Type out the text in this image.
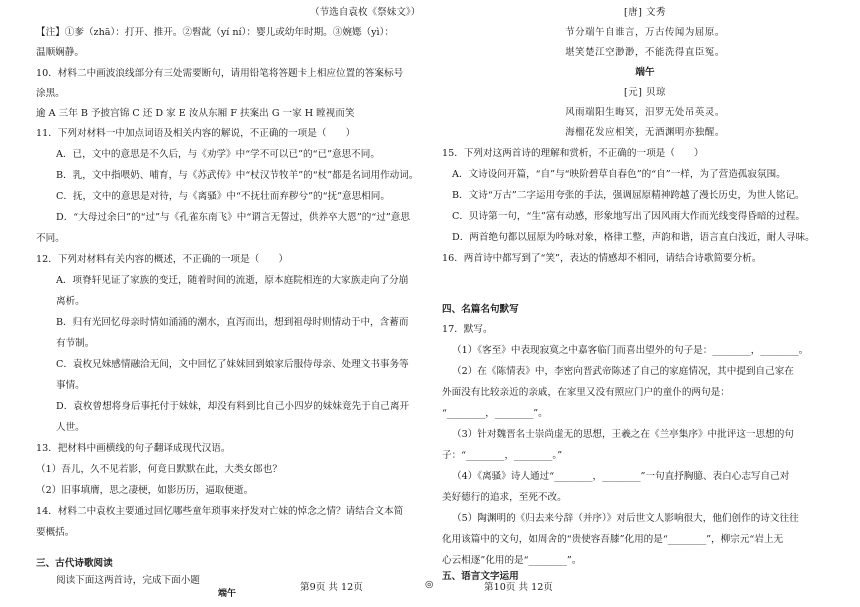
（节选自袁枚《祭妹文》）
【注】①奓（zhā）：打开、推开。②髫龀（yí ní）：婴儿或幼年时期。③婉嫕（yì）：
温顺娴静。
10．材料二中画波浪线部分有三处需要断句，请用铅笔将答题卡上相应位置的答案标号
涂黑。
逾 A 三年 B 予披宫锦 C 还 D 家 E 汝从东厢 F 扶案出 G 一家 H 瞠视而笑
11．下列对材料一中加点词语及相关内容的解说，不正确的一项是（　　）
A．已，文中的意思是不久后，与《劝学》中“学不可以已”的“已”意思不同。
B．乳，文中指喂奶、哺育，与《苏武传》中“杖汉节牧羊”的“杖”都是名词用作动词。
C．抚，文中的意思是对待，与《离骚》中“不抚壮而弃秽兮”的“抚”意思相同。
D．“大母过余曰”的“过”与《孔雀东南飞》中“谓言无誓过，供养卒大恩”的“过”意思
不同。
12．下列对材料有关内容的概述，不正确的一项是（　　）
A．项脊轩见证了家族的变迁，随着时间的流逝，原本庭院相连的大家族走向了分崩
离析。
B．归有光回忆母亲时情如涌涌的潮水，直泻而出，想到祖母时则情动于中，含蓄而
有节制。
C．袁枚兄妹感情融洽无间，文中回忆了妹妹回到娘家后服侍母亲、处理文书事务等
事情。
D．袁枚曾想将身后事托付于妹妹，却没有料到比自己小四岁的妹妹竟先于自己离开
人世。
13．把材料中画横线的句子翻译成现代汉语。
（1）吾儿，久不见若影，何竟日默默在此，大类女郎也？
（2）旧事填膺，思之凄梗，如影历历，逼取便逝。
14．材料二中袁枚主要通过回忆哪些童年琐事来抒发对亡妹的悼念之情？请结合文本简
要概括。
三、古代诗歌阅读
阅读下面这两首诗，完成下面小题
端午
[唐] 文秀
节分端午自谁言，万古传闻为屈原。
堪笑楚江空渺渺，不能洗得直臣冤。
端午
[元] 贝琼
风雨端阳生晦冥，汨罗无处吊英灵。
海榴花发应相笑，无酒渊明亦独醒。
15．下列对这两首诗的理解和赏析，不正确的一项是（　　）
A．文诗设问开篇，“自”与“映阶碧草自春色”的“自”一样，为了营造孤寂氛围。
B．文诗“万古”二字运用夸张的手法，强调屈原精神跨越了漫长历史，为世人铭记。
C．贝诗第一句，“生”富有动感，形象地写出了因风雨大作而光线变得昏暗的过程。
D．两首绝句都以屈原为吟咏对象，格律工整，声韵和谐，语言直白浅近，耐人寻味。
16．两首诗中都写到了“笑”，表达的情感却不相同，请结合诗歌简要分析。
四、名篇名句默写
17．默写。
（1）《客至》中表现寂寞之中嘉客临门而喜出望外的句子是：________，________。
（2）在《陈情表》中，李密向晋武帝陈述了自己的家庭情况，其中提到自己家在
外面没有比较亲近的亲戚，在家里又没有照应门户的童仆的两句是：
“________，________”。
（3）针对魏晋名士崇尚虚无的思想，王羲之在《兰亭集序》中批评这一思想的句
子：“________，________。”
（4）《离骚》诗人通过“________，________”一句直抒胸臆、表白心志写自己对
美好德行的追求，至死不改。
（5）陶渊明的《归去来兮辞（并序）》对后世文人影响很大，他们创作的诗文往往
化用该篇中的文句，如周舍的“贵使容吾膝”化用的是“________”，柳宗元“岩上无
心云相逐”化用的是“________”。
五、语言文字运用
第9页 共 12页	◎	第10页 共 12页
